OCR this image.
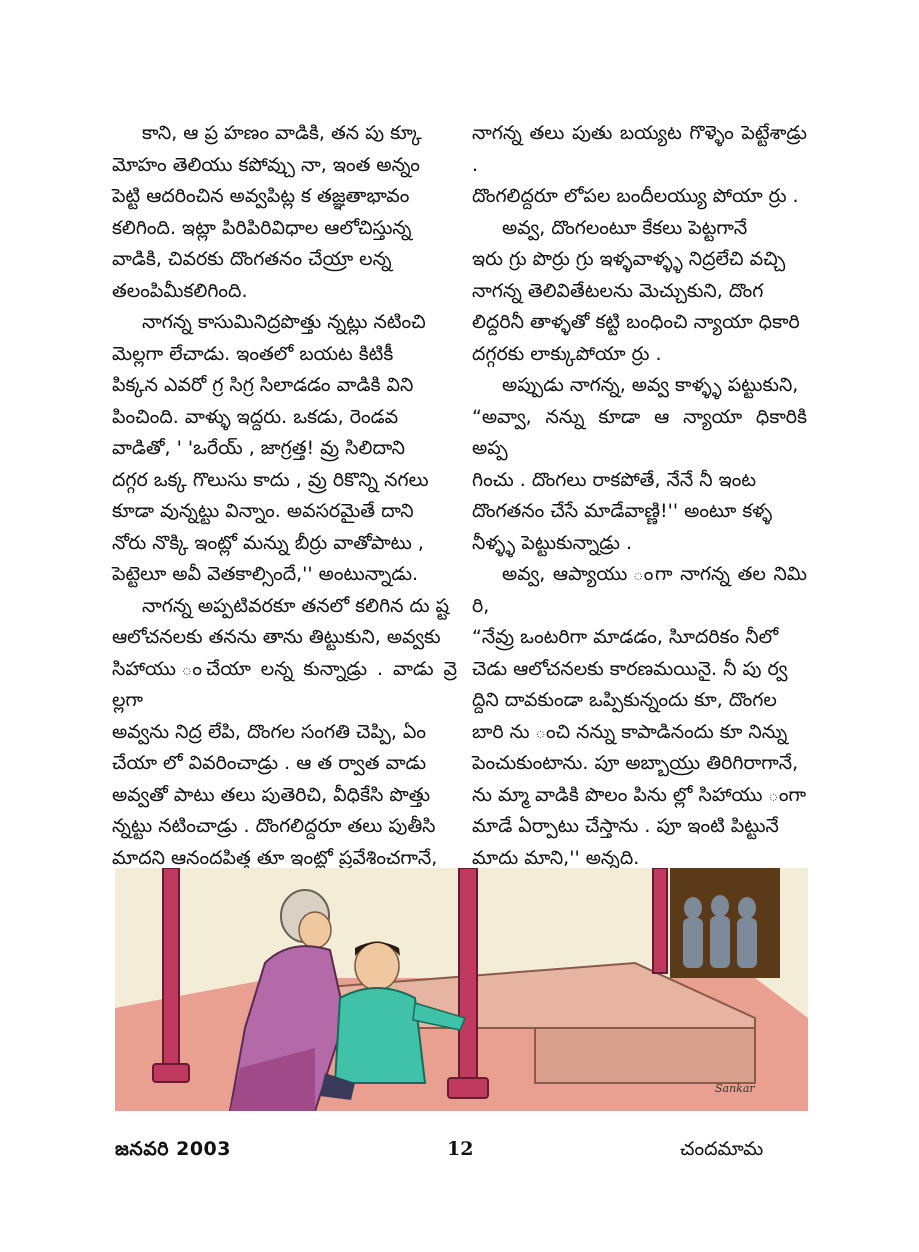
కాని, ఆ ప్ర హణం వాడికి, తన పు క్కూ
మోహం తెలియు కపోవ్చు నా, ఇంత అన్నం
పెట్టి ఆదరించిన అవ్వపిట్ల క తజ్ఞతాభావం
కలిగింది. ఇట్లా పిరిపిరివిధాల ఆలోచిస్తున్న
వాడికి, చివరకు దొంగతనం చేయ్రా లన్న
తలంపిమీకలిగింది.

నాగన్న కాసుమినిద్రపొత్తు న్నట్లు నటించి
మెల్లగా లేచాడు. ఇంతలో బయట కిటికీ
పిక్కన ఎవరో గ్ర సిగ్ర సిలాడడం వాడికి విని
పించింది. వాళ్ళు ఇద్దరు. ఒకడు, రెండవ
వాడితో, ' 'ఒరేయ్ , జాగ్రత్త! వ్రు సిలిదాని
దగ్గర ఒక్క గొలుసు కాదు , వ్రు రికొన్ని నగలు
కూడా వున్నట్టు విన్నాం. అవసరమైతే దాని
నోరు నొక్కి ఇంట్లో మన్ను బీర్రు వాతోపాటు ,
పెట్టెలూ అవీ వెతకాల్సిందే,'' అంటున్నాడు.

నాగన్న అప్పటివరకూ తనలో కలిగిన దు ష్ట
ఆలోచనలకు తనను తాను తిట్టుకుని, అవ్వకు
సిహాయు ంచేయా లన్న కున్నాడ్రు . వాడు వ్రె ల్లగా
అవ్వను నిద్ర లేపి, దొంగల సంగతి చెప్పి, ఏం
చేయా లో వివరించాడ్రు . ఆ త ర్వాత వాడు
అవ్వతో పాటు తలు పుతెరిచి, వీధికేసి పొత్తు
న్నట్టు నటించాడ్రు . దొంగలిద్దరూ తలు పుతీసి
మాదని ఆనందపిత్త తూ ఇంట్లో ప్రవేశించగానే,

నాగన్న తలు పుతు బయ్యట గొళ్ళెం పెట్టేశాడ్రు .
దొంగలిద్దరూ లోపల బందీలయ్యు పోయా ర్రు .

అవ్వ, దొంగలంటూ కేకలు పెట్టగానే
ఇరు గ్రు పొర్రు గ్రు ఇళ్ళవాళ్ళ్ళ నిద్రలేచి వచ్చి
నాగన్న తెలివితేటలను మెచ్చుకుని, దొంగ
లిద్దరినీ తాళ్ళతో కట్టి బంధించి న్యాయా ధికారి
దగ్గరకు లాక్కుపోయా ర్రు .

అప్పుడు నాగన్న, అవ్వ కాళ్ళ్ళ పట్టుకుని,
“అవ్వా, నన్ను కూడా ఆ న్యాయా ధికారికి అప్ప
గించు . దొంగలు రాకపోతే, నేనే నీ ఇంట
దొంగతనం చేసే మాడేవాణ్ణి!'' అంటూ కళ్ళ
నీళ్ళ్ళ పెట్టుకున్నాడ్రు .

అవ్వ, ఆప్యాయు ంగా నాగన్న తల నిమి రి,
“నేవ్రు ఒంటరిగా మాడడం, సిూదరికం నీలో
చెడు ఆలోచనలకు కారణమయినై. నీ పు ర్వ
ద్దిని దావకుండా ఒప్పికున్నందు కూ, దొంగల
బారి ను ంచి నన్ను కాపాడినందు కూ నిన్ను
పెంచుకుంటాను. పూ అబ్బాయ్రు తిరిగిరాగానే,
ను మ్మా వాడికి పొలం పిను ల్లో సిహాయు ంగా
మాడే ఏర్పాటు చేస్తాను . పూ ఇంటి పిట్టునే
మాదు మాని,'' అన్నది.

Sankar
జనవరి 2003	12	చందమామ
